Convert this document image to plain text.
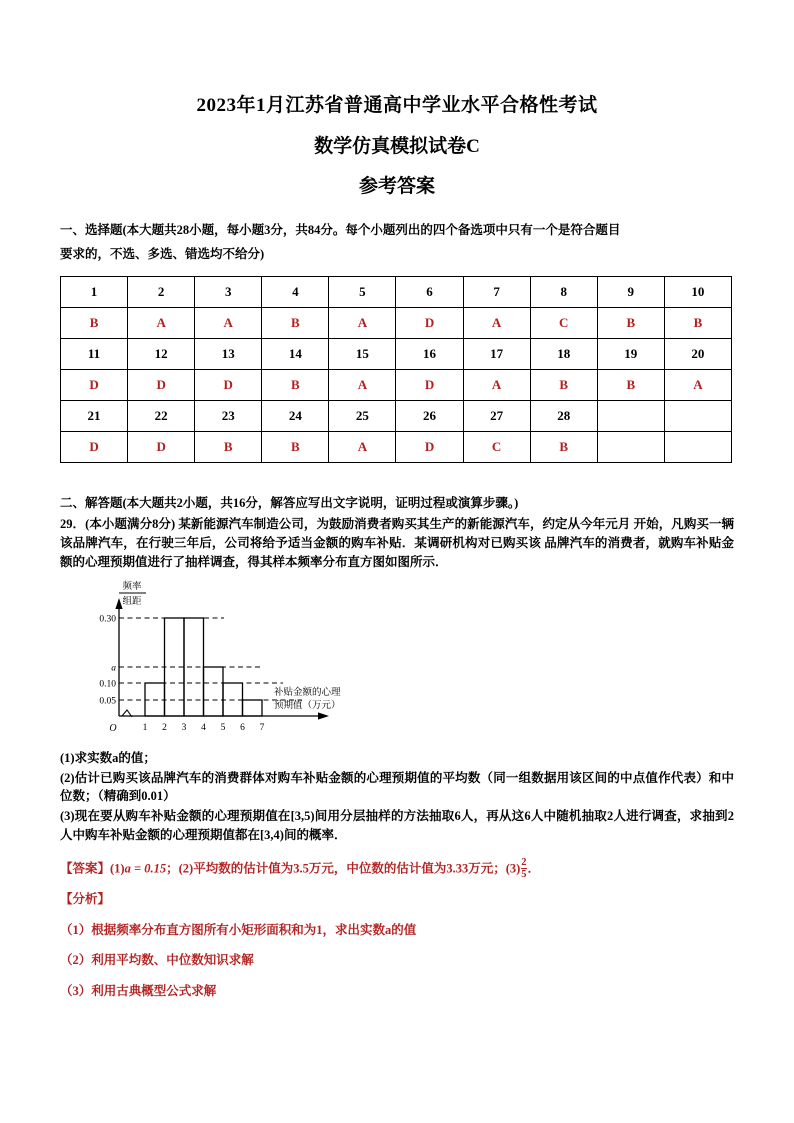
2023年1月江苏省普通高中学业水平合格性考试
数学仿真模拟试卷C
参考答案
一、选择题(本大题共28小题，每小题3分，共84分。每个小题列出的四个备选项中只有一个是符合题目
要求的，不选、多选、错选均不给分)
1	2	3	4	5	6	7	8	9	10
B	A	A	B	A	D	A	C	B	B
11	12	13	14	15	16	17	18	19	20
D	D	D	B	A	D	A	B	B	A
21	22	23	24	25	26	27	28		
D	D	B	B	A	D	C	B		
二、解答题(本大题共2小题，共16分，解答应写出文字说明，证明过程或演算步骤。)
29．(本小题满分8分) 某新能源汽车制造公司，为鼓励消费者购买其生产的新能源汽车，约定从今年元月 开始，凡购买一辆该品牌汽车，在行驶三年后，公司将给予适当金额的购车补贴．某调研机构对已购买该 品牌汽车的消费者，就购车补贴金额的心理预期值进行了抽样调查，得其样本频率分布直方图如图所示．
频率
组距
0.30
a
0.10
0.05
1 2 3 4 5 6 7
O
补贴金额的心理
预期值（万元）
(1)求实数a的值；
(2)估计已购买该品牌汽车的消费群体对购车补贴金额的心理预期值的平均数（同一组数据用该区间的中点值作代表）和中位数；（精确到0.01）
(3)现在要从购车补贴金额的心理预期值在[3,5)间用分层抽样的方法抽取6人，再从这6人中随机抽取2人进行调查，求抽到2人中购车补贴金额的心理预期值都在[3,4)间的概率．
【答案】(1)a = 0.15；(2)平均数的估计值为3.5万元，中位数的估计值为3.33万元；$(3) \frac{2}{5}$ ．
【分析】
（1）根据频率分布直方图所有小矩形面积和为1，求出实数a的值
（2）利用平均数、中位数知识求解
（3）利用古典概型公式求解
